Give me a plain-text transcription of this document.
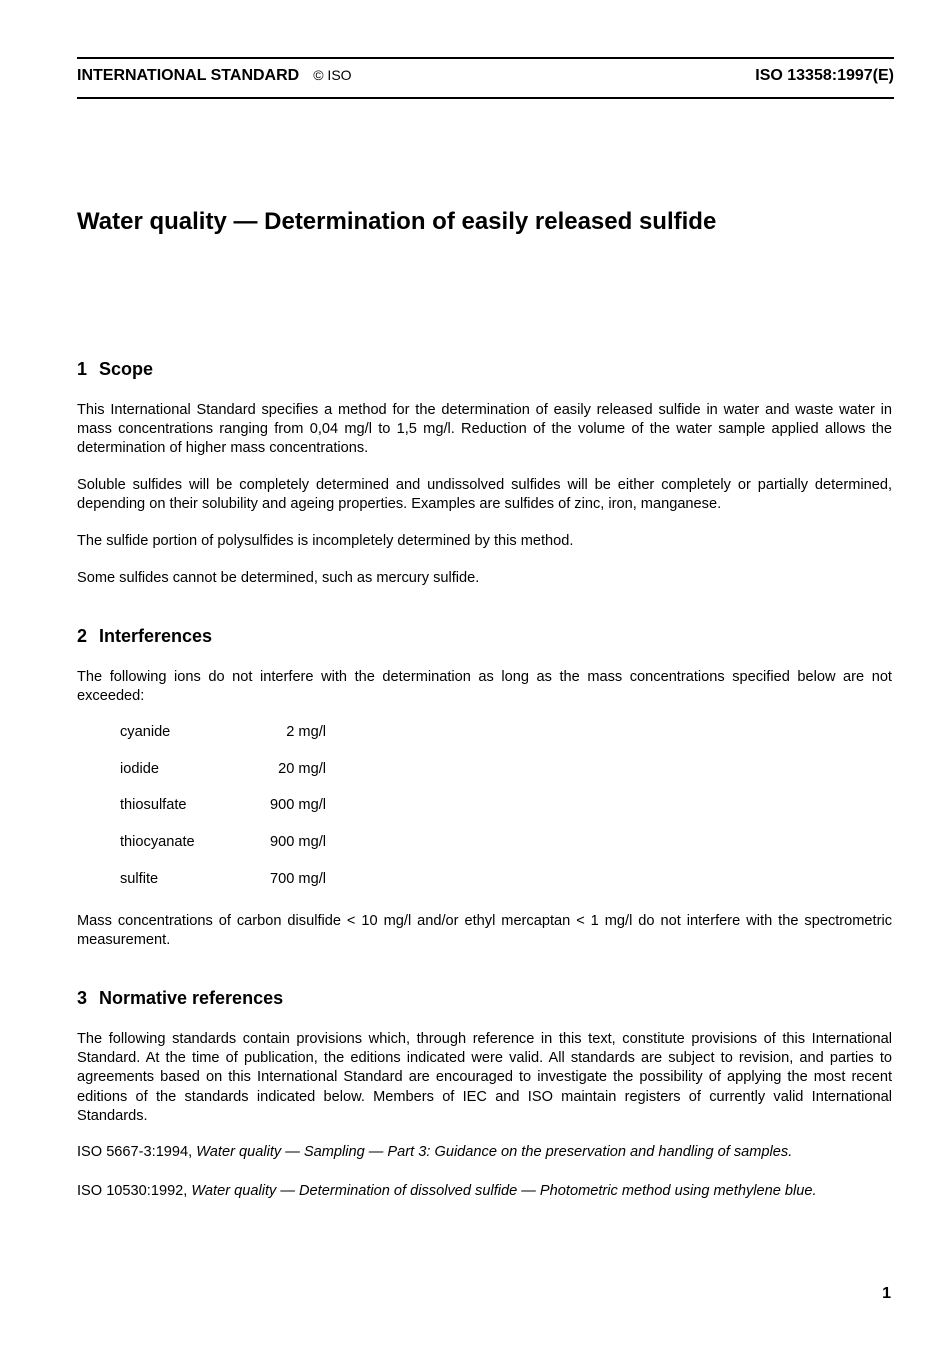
INTERNATIONAL STANDARD © ISO	ISO 13358:1997(E)
Water quality — Determination of easily released sulfide
1 Scope

This International Standard specifies a method for the determination of easily released sulfide in water and waste water in mass concentrations ranging from 0,04 mg/l to 1,5 mg/l. Reduction of the volume of the water sample applied allows the determination of higher mass concentrations.

Soluble sulfides will be completely determined and undissolved sulfides will be either completely or partially determined, depending on their solubility and ageing properties. Examples are sulfides of zinc, iron, manganese.

The sulfide portion of polysulfides is incompletely determined by this method.

Some sulfides cannot be determined, such as mercury sulfide.

2 Interferences

The following ions do not interfere with the determination as long as the mass concentrations specified below are not exceeded:

cyanide	2 mg/l
iodide	20 mg/l
thiosulfate	900 mg/l
thiocyanate	900 mg/l
sulfite	700 mg/l

Mass concentrations of carbon disulfide < 10 mg/l and/or ethyl mercaptan < 1 mg/l do not interfere with the spectrometric measurement.

3 Normative references

The following standards contain provisions which, through reference in this text, constitute provisions of this International Standard. At the time of publication, the editions indicated were valid. All standards are subject to revision, and parties to agreements based on this International Standard are encouraged to investigate the possibility of applying the most recent editions of the standards indicated below. Members of IEC and ISO maintain registers of currently valid International Standards.

ISO 5667-3:1994, Water quality — Sampling — Part 3: Guidance on the preservation and handling of samples.

ISO 10530:1992, Water quality — Determination of dissolved sulfide — Photometric method using methylene blue.

1
